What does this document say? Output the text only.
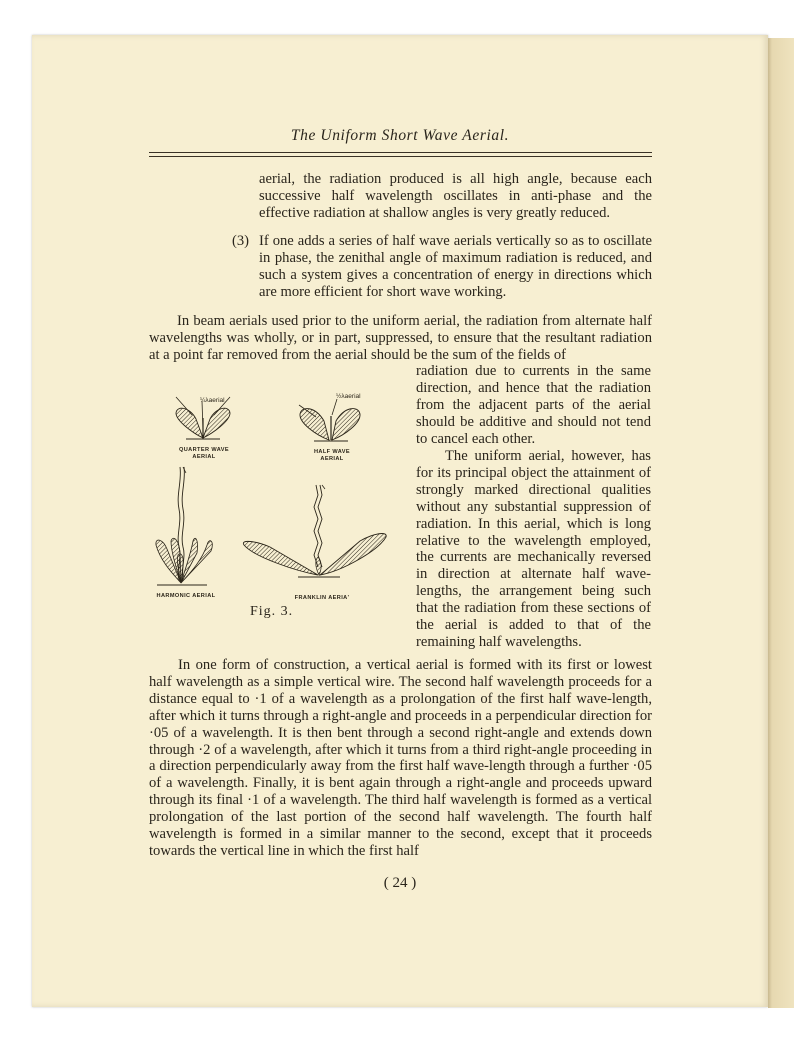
The Uniform Short Wave Aerial.

aerial, the radiation produced is all high angle, because each successive half wavelength oscillates in anti-phase and the effective radiation at shallow angles is very greatly reduced.

(3) If one adds a series of half wave aerials vertically so as to oscillate in phase, the zenithal angle of maximum radiation is reduced, and such a system gives a concentration of energy in directions which are more efficient for short wave working.

In beam aerials used prior to the uniform aerial, the radiation from alternate half wavelengths was wholly, or in part, suppressed, to ensure that the resultant radiation at a point far removed from the aerial should be the sum of the fields of

radiation due to currents in the same direction, and hence that the radiation from the adjacent parts of the aerial should be additive and should not tend to cancel each other.

The uniform aerial, however, has for its principal object the attainment of strongly marked directional qualities without any substantial suppression of radiation. In this aerial, which is long relative to the wavelength employed, the currents are mechanically reversed in direction at alternate half wave-lengths, the arrangement being such that the radiation from these sections of the aerial is added to that of the remaining half wavelengths.

¼λaerial
½λaerial
QUARTER WAVE
AERIAL
HALF WAVE
AERIAL
HARMONIC AERIAL	FRANKLIN AERIA'
Fig. 3.

In one form of construction, a vertical aerial is formed with its first or lowest half wavelength as a simple vertical wire. The second half wavelength proceeds for a distance equal to ·1 of a wavelength as a prolongation of the first half wave-length, after which it turns through a right-angle and proceeds in a perpendicular direction for ·05 of a wavelength. It is then bent through a second right-angle and extends down through ·2 of a wavelength, after which it turns from a third right-angle proceeding in a direction perpendicularly away from the first half wave-length through a further ·05 of a wavelength. Finally, it is bent again through a right-angle and proceeds upward through its final ·1 of a wavelength. The third half wavelength is formed as a vertical prolongation of the last portion of the second half wavelength. The fourth half wavelength is formed in a similar manner to the second, except that it proceeds towards the vertical line in which the first half

( 24 )
